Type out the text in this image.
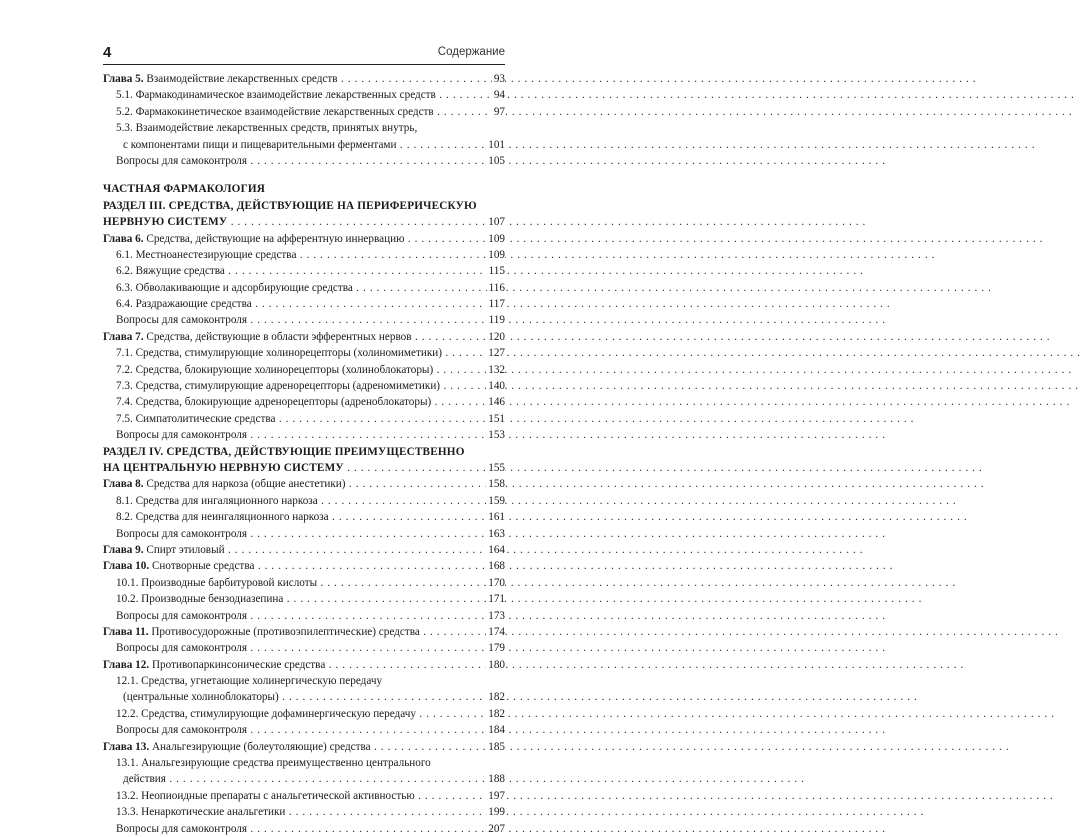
4	Содержание
Глава 5. Взаимодействие лекарственных средств . . .	93
5.1. Фармакодинамическое взаимодействие лекарственных средств . . .	94
5.2. Фармакокинетическое взаимодействие лекарственных средств . . .	97
5.3. Взаимодействие лекарственных средств, принятых внутрь,
с компонентами пищи и пищеварительными ферментами . . .	101
Вопросы для самоконтроля . . .	105
ЧАСТНАЯ ФАРМАКОЛОГИЯ
РАЗДЕЛ III. СРЕДСТВА, ДЕЙСТВУЮЩИЕ НА ПЕРИФЕРИЧЕСКУЮ
НЕРВНУЮ СИСТЕМУ . . .	107
Глава 6. Средства, действующие на афферентную иннервацию . . .	109
6.1. Местноанестезирующие средства . . .	109
6.2. Вяжущие средства . . .	115
6.3. Обволакивающие и адсорбирующие средства . . .	116
6.4. Раздражающие средства . . .	117
Вопросы для самоконтроля . . .	119
Глава 7. Средства, действующие в области эфферентных нервов . . .	120
7.1. Средства, стимулирующие холинорецепторы (холиномиметики) . . .	127
7.2. Средства, блокирующие холинорецепторы (холиноблокаторы) . . .	132
7.3. Средства, стимулирующие адренорецепторы (адреномиметики) . . .	140
7.4. Средства, блокирующие адренорецепторы (адреноблокаторы) . . .	146
7.5. Симпатолитические средства . . .	151
Вопросы для самоконтроля . . .	153
РАЗДЕЛ IV. СРЕДСТВА, ДЕЙСТВУЮЩИЕ ПРЕИМУЩЕСТВЕННО
НА ЦЕНТРАЛЬНУЮ НЕРВНУЮ СИСТЕМУ . . .	155
Глава 8. Средства для наркоза (общие анестетики) . . .	158
8.1. Средства для ингаляционного наркоза . . .	159
8.2. Средства для неингаляционного наркоза . . .	161
Вопросы для самоконтроля . . .	163
Глава 9. Спирт этиловый . . .	164
Глава 10. Снотворные средства . . .	168
10.1. Производные барбитуровой кислоты . . .	170
10.2. Производные бензодиазепина . . .	171
Вопросы для самоконтроля . . .	173
Глава 11. Противосудорожные (противоэпилептические) средства . . .	174
Вопросы для самоконтроля . . .	179
Глава 12. Противопаркинсонические средства . . .	180
12.1. Средства, угнетающие холинергическую передачу
(центральные холиноблокаторы) . . .	182
12.2. Средства, стимулирующие дофаминергическую передачу . . .	182
Вопросы для самоконтроля . . .	184
Глава 13. Анальгезирующие (болеутоляющие) средства . . .	185
13.1. Анальгезирующие средства преимущественно центрального
действия . . .	188
13.2. Неопиоидные препараты с анальгетической активностью . . .	197
13.3. Ненаркотические анальгетики . . .	199
Вопросы для самоконтроля . . .	207
